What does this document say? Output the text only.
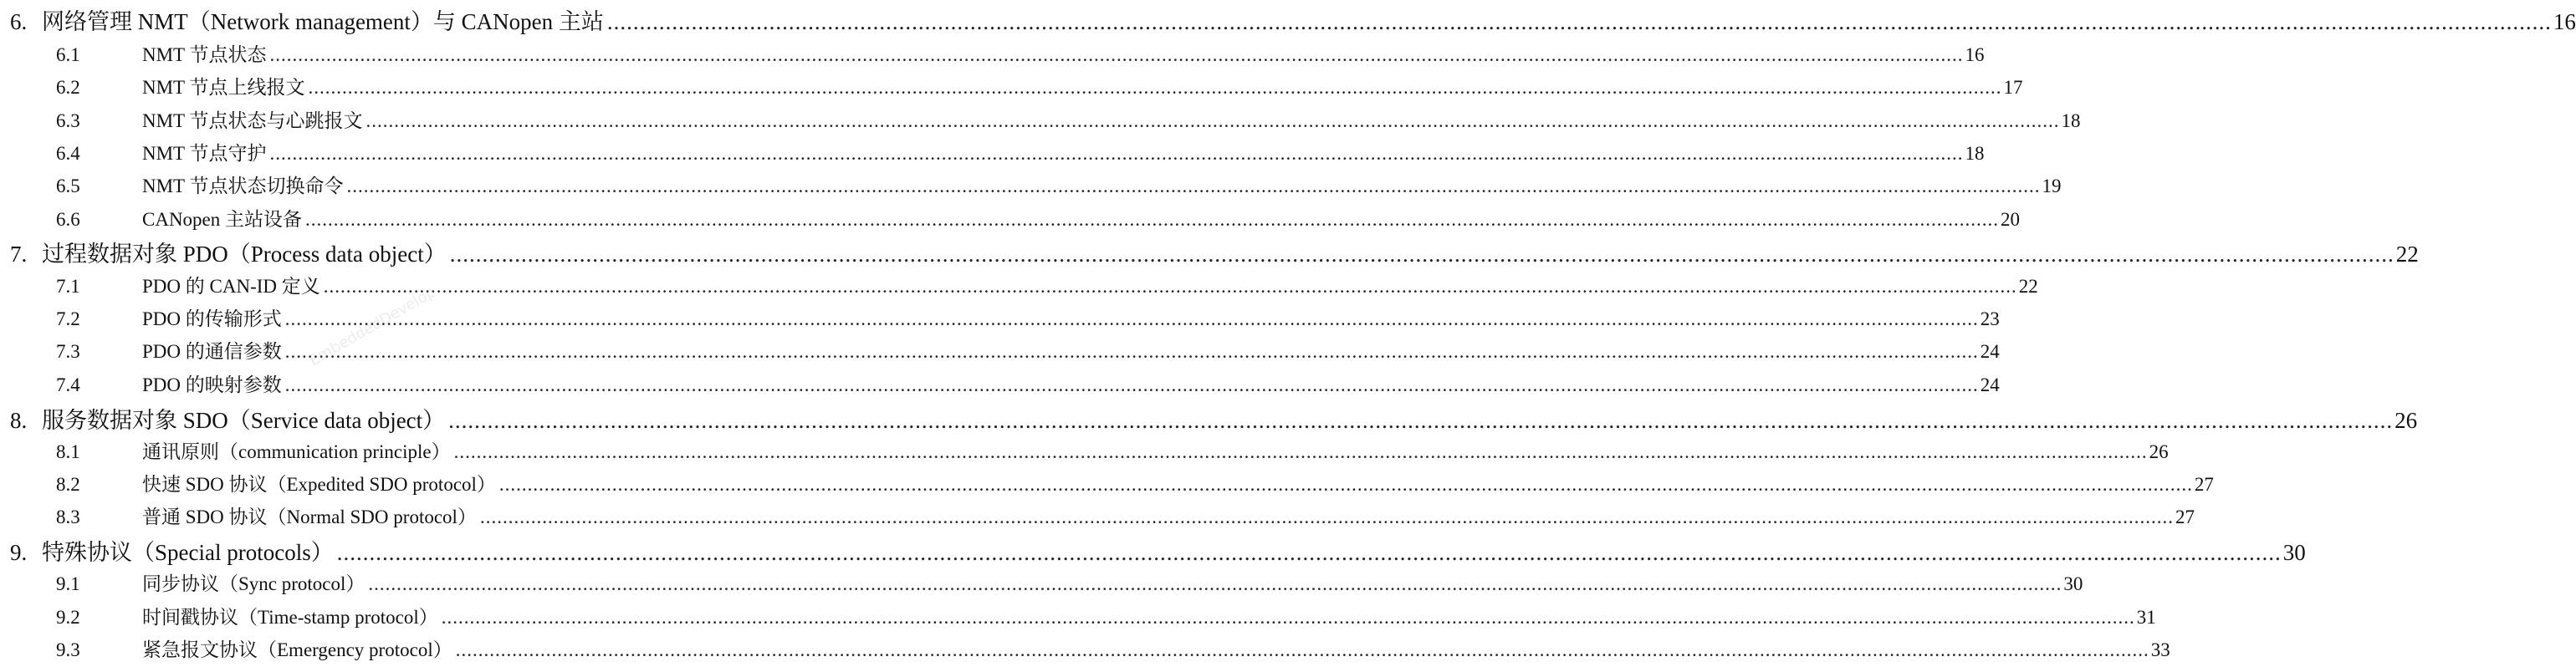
6. 网络管理 NMT（Network management）与 CANopen 主站 ............................................................................................................................................................................................................................................................................................................ 16
6.1	NMT 节点状态 ............................................................................................................................................................................................................................................................................................................ 16
6.2	NMT 节点上线报文 ............................................................................................................................................................................................................................................................................................................ 17
6.3	NMT 节点状态与心跳报文 ............................................................................................................................................................................................................................................................................................................ 18
6.4	NMT 节点守护 ............................................................................................................................................................................................................................................................................................................ 18
6.5	NMT 节点状态切换命令 ............................................................................................................................................................................................................................................................................................................ 19
6.6	CANopen 主站设备 ............................................................................................................................................................................................................................................................................................................ 20
7. 过程数据对象 PDO（Process data object） ............................................................................................................................................................................................................................................................................................................ 22
7.1	PDO 的 CAN-ID 定义 ............................................................................................................................................................................................................................................................................................................ 22
7.2	PDO 的传输形式 ............................................................................................................................................................................................................................................................................................................ 23
7.3	PDO 的通信参数 ............................................................................................................................................................................................................................................................................................................ 24
7.4	PDO 的映射参数 ............................................................................................................................................................................................................................................................................................................ 24
8. 服务数据对象 SDO（Service data object） ............................................................................................................................................................................................................................................................................................................ 26
8.1	通讯原则（communication principle） ............................................................................................................................................................................................................................................................................................................ 26
8.2	快速 SDO 协议（Expedited SDO protocol） ............................................................................................................................................................................................................................................................................................................ 27
8.3	普通 SDO 协议（Normal SDO protocol） ............................................................................................................................................................................................................................................................................................................ 27
9. 特殊协议（Special protocols） ............................................................................................................................................................................................................................................................................................................ 30
9.1	同步协议（Sync protocol） ............................................................................................................................................................................................................................................................................................................ 30
9.2	时间戳协议（Time-stamp protocol） ............................................................................................................................................................................................................................................................................................................ 31
9.3	紧急报文协议（Emergency protocol） ............................................................................................................................................................................................................................................................................................................ 33
EmbeddedDevelop
